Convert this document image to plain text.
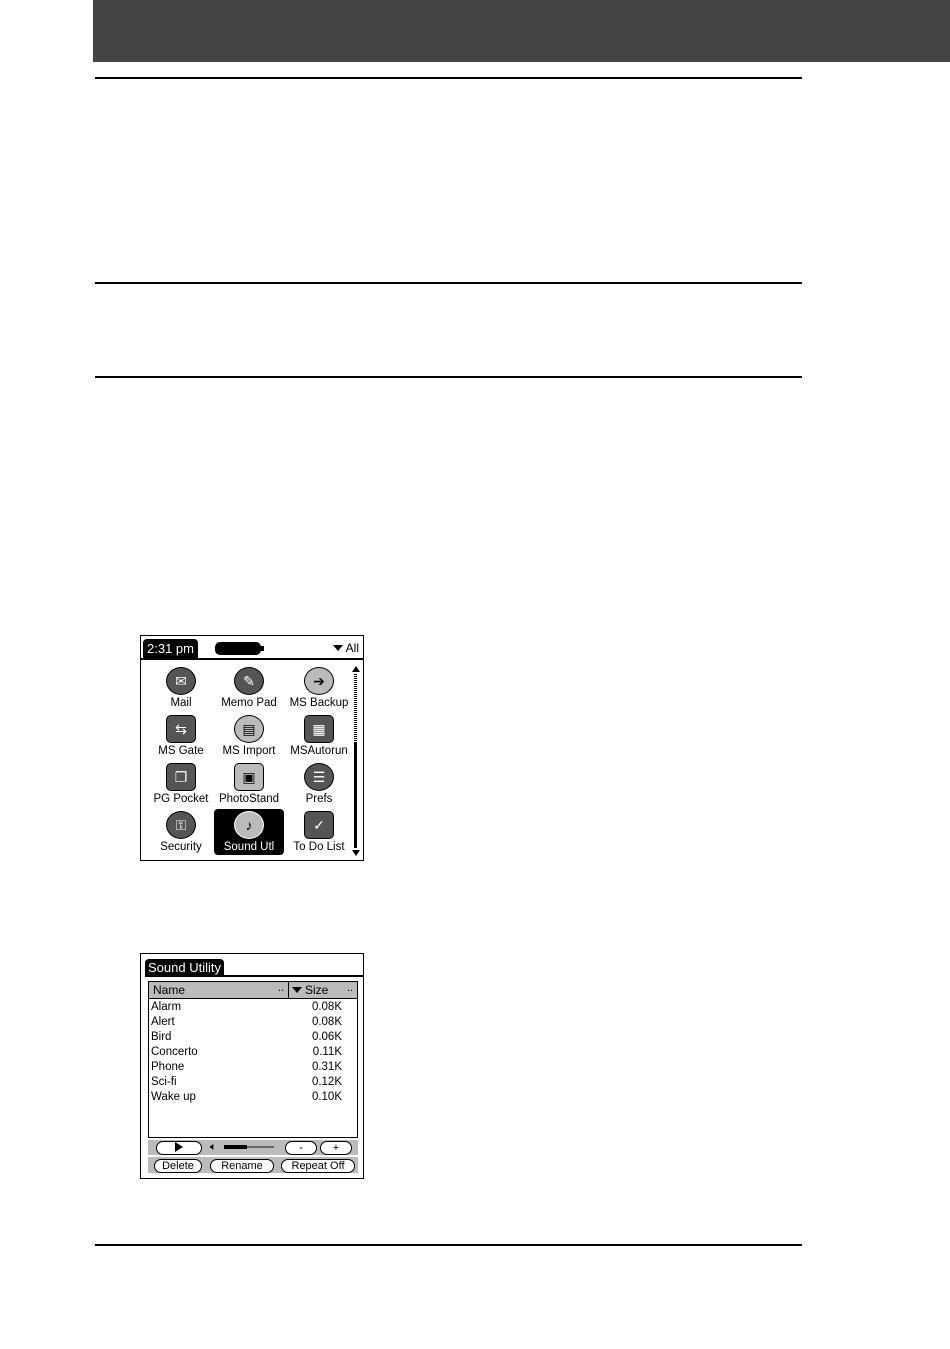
2:31 pm	All
✉
Mail
✎
Memo Pad
➔
MS Backup
⇆
MS Gate
▤
MS Import
▦
MSAutorun
❐
PG Pocket
▣
PhotoStand
☰
Prefs
⚿
Security
♪
Sound Utl
✓
To Do List
Sound Utility
Name	..	Size ..
Alarm	0.08K
Alert	0.08K
Bird	0.06K
Concerto	0.11K
Phone	0.31K
Sci-fi	0.12K
Wake up	0.10K
🔈︎	-	+
Delete	Rename	Repeat Off
